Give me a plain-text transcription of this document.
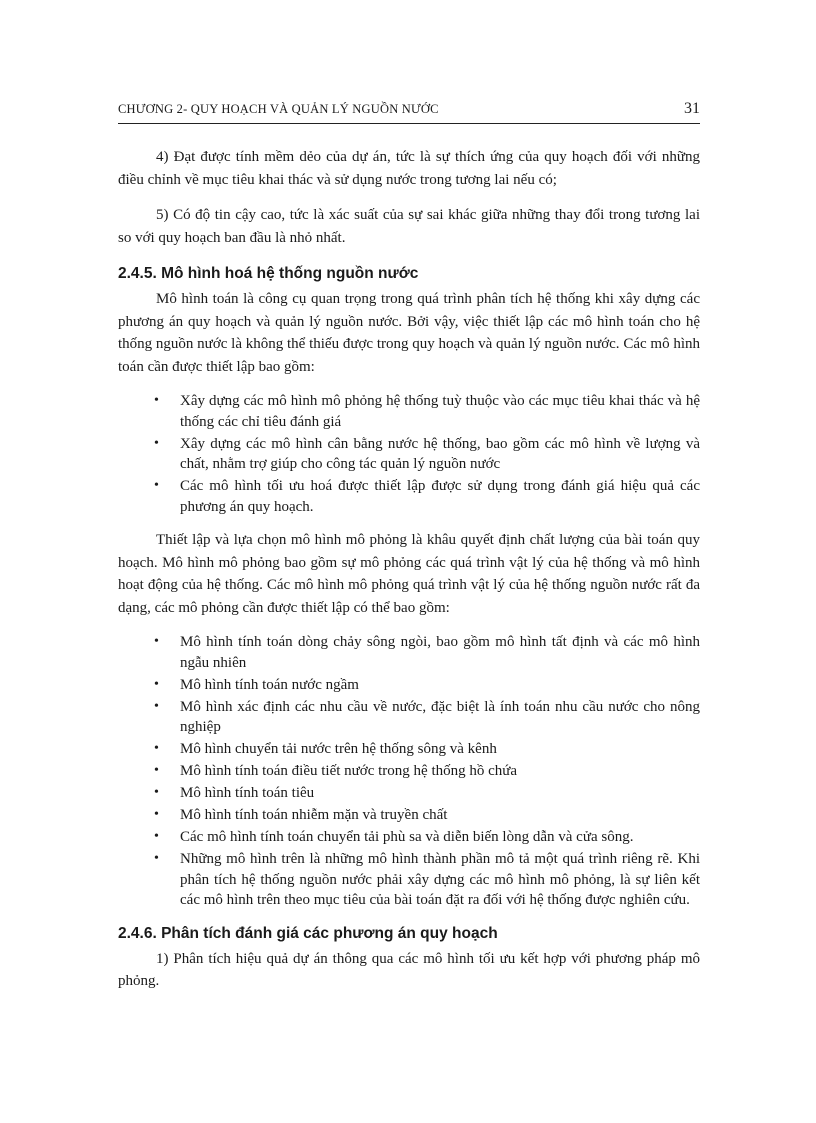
CHƯƠNG 2- QUY HOẠCH VÀ QUẢN LÝ NGUỒN NƯỚC	31

4) Đạt được tính mềm dẻo của dự án, tức là sự thích ứng của quy hoạch đối với những điều chỉnh về mục tiêu khai thác và sử dụng nước trong tương lai nếu có;

5) Có độ tin cậy cao, tức là xác suất của sự sai khác giữa những thay đổi trong tương lai so với quy hoạch ban đầu là nhỏ nhất.

2.4.5. Mô hình hoá hệ thống nguồn nước

Mô hình toán là công cụ quan trọng trong quá trình phân tích hệ thống khi xây dựng các phương án quy hoạch và quản lý nguồn nước. Bởi vậy, việc thiết lập các mô hình toán cho hệ thống nguồn nước là không thể thiếu được trong quy hoạch và quản lý nguồn nước. Các mô hình toán cần được thiết lập bao gồm:

• Xây dựng các mô hình mô phỏng hệ thống tuỳ thuộc vào các mục tiêu khai thác và hệ thống các chỉ tiêu đánh giá
• Xây dựng các mô hình cân bằng nước hệ thống, bao gồm các mô hình về lượng và chất, nhằm trợ giúp cho công tác quản lý nguồn nước
• Các mô hình tối ưu hoá được thiết lập được sử dụng trong đánh giá hiệu quả các phương án quy hoạch.

Thiết lập và lựa chọn mô hình mô phỏng là khâu quyết định chất lượng của bài toán quy hoạch. Mô hình mô phỏng bao gồm sự mô phỏng các quá trình vật lý của hệ thống và mô hình hoạt động của hệ thống. Các mô hình mô phỏng quá trình vật lý của hệ thống nguồn nước rất đa dạng, các mô phỏng cần được thiết lập có thể bao gồm:

• Mô hình tính toán dòng chảy sông ngòi, bao gồm mô hình tất định và các mô hình ngẫu nhiên
• Mô hình tính toán nước ngầm
• Mô hình xác định các nhu cầu về nước, đặc biệt là ính toán nhu cầu nước cho nông nghiệp
• Mô hình chuyển tải nước trên hệ thống sông và kênh
• Mô hình tính toán điều tiết nước trong hệ thống hồ chứa
• Mô hình tính toán tiêu
• Mô hình tính toán nhiễm mặn và truyền chất
• Các mô hình tính toán chuyển tải phù sa và diễn biến lòng dẫn và cửa sông.
• Những mô hình trên là những mô hình thành phần mô tả một quá trình riêng rẽ. Khi phân tích hệ thống nguồn nước phải xây dựng các mô hình mô phỏng, là sự liên kết các mô hình trên theo mục tiêu của bài toán đặt ra đối với hệ thống được nghiên cứu.
2.4.6. Phân tích đánh giá các phương án quy hoạch

1) Phân tích hiệu quả dự án thông qua các mô hình tối ưu kết hợp với phương pháp mô phỏng.
